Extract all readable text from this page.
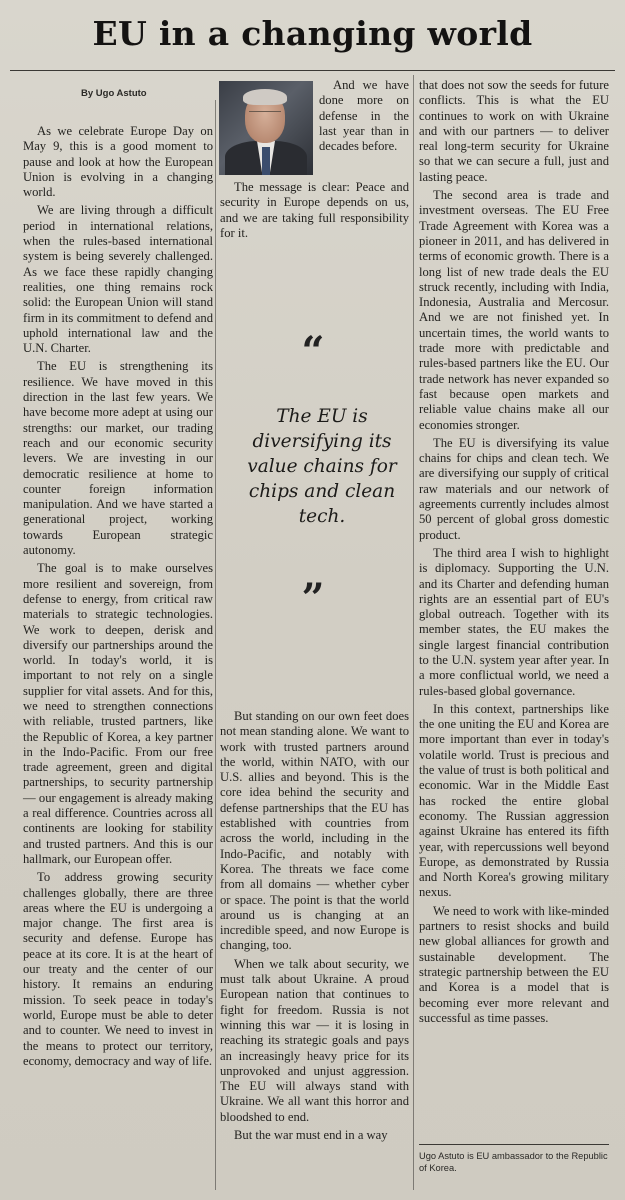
EU in a changing world
By Ugo Astuto

As we celebrate Europe Day on May 9, this is a good moment to pause and look at how the European Union is evolving in a changing world.

We are living through a difficult period in international relations, when the rules-based international system is being severely challenged. As we face these rapidly changing realities, one thing remains rock solid: the European Union will stand firm in its commitment to defend and uphold international law and the U.N. Charter.

The EU is strengthening its resilience. We have moved in this direction in the last few years. We have become more adept at using our strengths: our market, our trading reach and our economic security levers. We are investing in our democratic resilience at home to counter foreign information manipulation. And we have started a generational project, working towards European strategic autonomy.

The goal is to make ourselves more resilient and sovereign, from defense to energy, from critical raw materials to strategic technologies. We work to deepen, derisk and diversify our partnerships around the world. In today's world, it is important to not rely on a single supplier for vital assets. And for this, we need to strengthen connections with reliable, trusted partners, like the Republic of Korea, a key partner in the Indo-Pacific. From our free trade agreement, green and digital partnerships, to security partnership — our engagement is already making a real difference. Countries across all continents are looking for stability and trusted partners. And this is our hallmark, our European offer.

To address growing security challenges globally, there are three areas where the EU is undergoing a major change. The first area is security and defense. Europe has peace at its core. It is at the heart of our treaty and the center of our history. It remains an enduring mission. To seek peace in today's world, Europe must be able to deter and to counter. We need to invest in the means to protect our territory, economy, democracy and way of life.

And we have done more on defense in the last year than in decades before.

The message is clear: Peace and security in Europe depends on us, and we are taking full responsibility for it.

“
The EU is diversifying its value chains for chips and clean tech.
”

But standing on our own feet does not mean standing alone. We want to work with trusted partners around the world, within NATO, with our U.S. allies and beyond. This is the core idea behind the security and defense partnerships that the EU has established with countries from across the world, including in the Indo-Pacific, and notably with Korea. The threats we face come from all domains — whether cyber or space. The point is that the world around us is changing at an incredible speed, and now Europe is changing, too.

When we talk about security, we must talk about Ukraine. A proud European nation that continues to fight for freedom. Russia is not winning this war — it is losing in reaching its strategic goals and pays an increasingly heavy price for its unprovoked and unjust aggression. The EU will always stand with Ukraine. We all want this horror and bloodshed to end.

But the war must end in a way

that does not sow the seeds for future conflicts. This is what the EU continues to work on with Ukraine and with our partners — to deliver real long-term security for Ukraine so that we can secure a full, just and lasting peace.

The second area is trade and investment overseas. The EU Free Trade Agreement with Korea was a pioneer in 2011, and has delivered in terms of economic growth. There is a long list of new trade deals the EU struck recently, including with India, Indonesia, Australia and Mercosur. And we are not finished yet. In uncertain times, the world wants to trade more with predictable and rules-based partners like the EU. Our trade network has never expanded so fast because open markets and reliable value chains make all our economies stronger.

The EU is diversifying its value chains for chips and clean tech. We are diversifying our supply of critical raw materials and our network of agreements currently includes almost 50 percent of global gross domestic product.

The third area I wish to highlight is diplomacy. Supporting the U.N. and its Charter and defending human rights are an essential part of EU's global outreach. Together with its member states, the EU makes the single largest financial contribution to the U.N. system year after year. In a more conflictual world, we need a rules-based global governance.

In this context, partnerships like the one uniting the EU and Korea are more important than ever in today's volatile world. Trust is precious and the value of trust is both political and economic. War in the Middle East has rocked the entire global economy. The Russian aggression against Ukraine has entered its fifth year, with repercussions well beyond Europe, as demonstrated by Russia and North Korea's growing military nexus.

We need to work with like-minded partners to resist shocks and build new global alliances for growth and sustainable development. The strategic partnership between the EU and Korea is a model that is becoming ever more relevant and successful as time passes.

Ugo Astuto is EU ambassador to the Republic of Korea.
